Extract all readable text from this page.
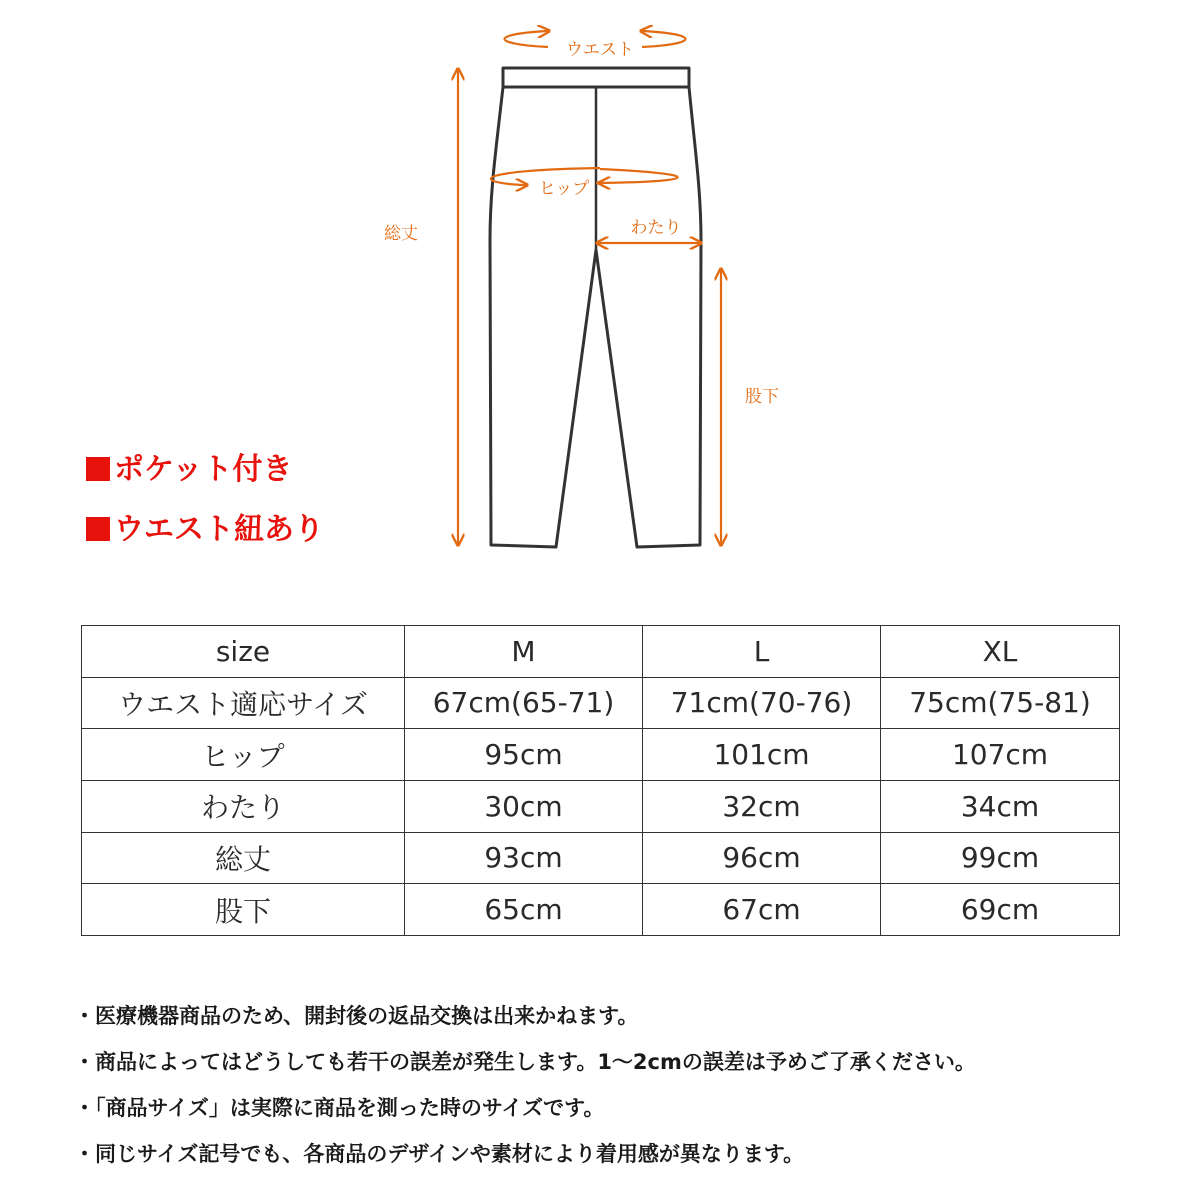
ウエスト
ヒップ
わたり
総丈
股下
ポケット付き
ウエスト紐あり
size	M	L	XL
ウエスト適応サイズ	67cm(65-71)	71cm(70-76)	75cm(75-81)
ヒップ	95cm	101cm	107cm
わたり	30cm	32cm	34cm
総丈	93cm	96cm	99cm
股下	65cm	67cm	69cm
・医療機器商品のため、開封後の返品交換は出来かねます。
・商品によってはどうしても若干の誤差が発生します。1〜2cmの誤差は予めご了承ください。
・「商品サイズ」は実際に商品を測った時のサイズです。
・同じサイズ記号でも、各商品のデザインや素材により着用感が異なります。
